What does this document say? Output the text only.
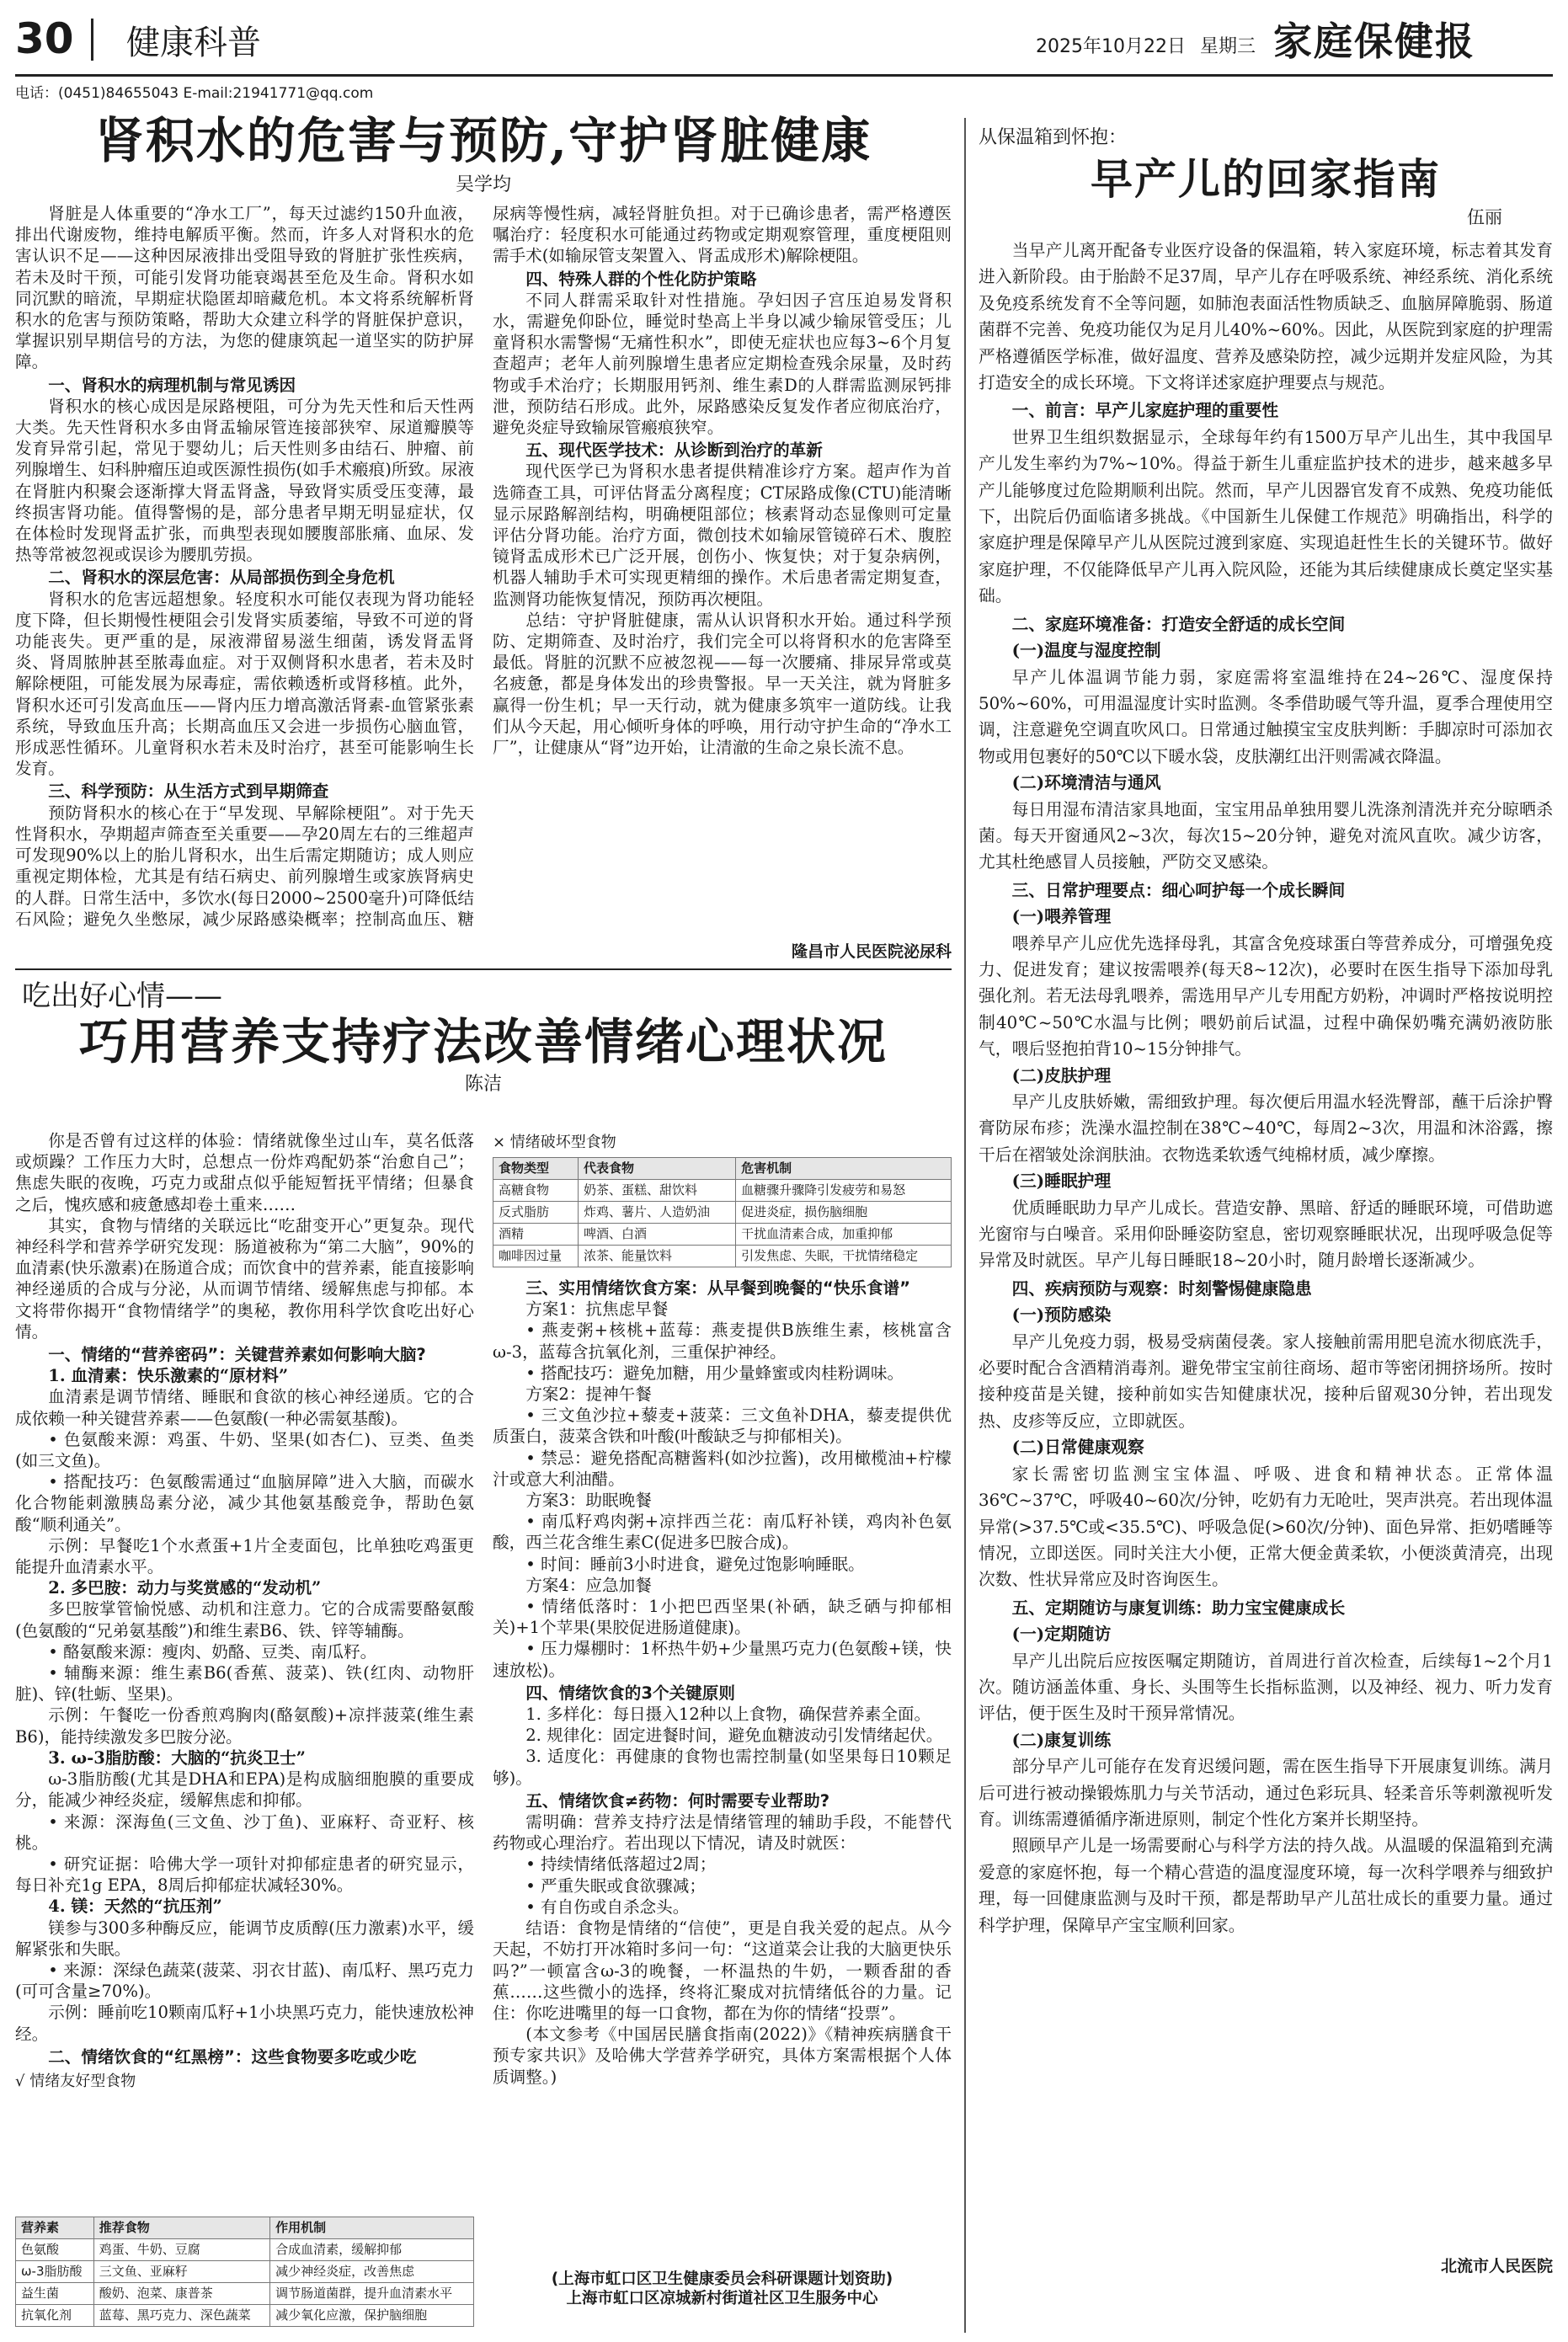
30 健康科普	2025年10月22日 星期三 家庭保健报
电话：(0451)84655043 E-mail:21941771@qq.com
肾积水的危害与预防,守护肾脏健康
吴学均

肾脏是人体重要的“净水工厂”，每天过滤约150升血液，排出代谢废物，维持电解质平衡。然而，许多人对肾积水的危害认识不足——这种因尿液排出受阻导致的肾脏扩张性疾病，若未及时干预，可能引发肾功能衰竭甚至危及生命。肾积水如同沉默的暗流，早期症状隐匿却暗藏危机。本文将系统解析肾积水的危害与预防策略，帮助大众建立科学的肾脏保护意识，掌握识别早期信号的方法，为您的健康筑起一道坚实的防护屏障。

一、肾积水的病理机制与常见诱因

肾积水的核心成因是尿路梗阻，可分为先天性和后天性两大类。先天性肾积水多由肾盂输尿管连接部狭窄、尿道瓣膜等发育异常引起，常见于婴幼儿；后天性则多由结石、肿瘤、前列腺增生、妇科肿瘤压迫或医源性损伤(如手术瘢痕)所致。尿液在肾脏内积聚会逐渐撑大肾盂肾盏，导致肾实质受压变薄，最终损害肾功能。值得警惕的是，部分患者早期无明显症状，仅在体检时发现肾盂扩张，而典型表现如腰腹部胀痛、血尿、发热等常被忽视或误诊为腰肌劳损。

二、肾积水的深层危害：从局部损伤到全身危机

肾积水的危害远超想象。轻度积水可能仅表现为肾功能轻度下降，但长期慢性梗阻会引发肾实质萎缩，导致不可逆的肾功能丧失。更严重的是，尿液滞留易滋生细菌，诱发肾盂肾炎、肾周脓肿甚至脓毒血症。对于双侧肾积水患者，若未及时解除梗阻，可能发展为尿毒症，需依赖透析或肾移植。此外，肾积水还可引发高血压——肾内压力增高激活肾素-血管紧张素系统，导致血压升高；长期高血压又会进一步损伤心脑血管，形成恶性循环。儿童肾积水若未及时治疗，甚至可能影响生长发育。

三、科学预防：从生活方式到早期筛查

预防肾积水的核心在于“早发现、早解除梗阻”。对于先天性肾积水，孕期超声筛查至关重要——孕20周左右的三维超声可发现90%以上的胎儿肾积水，出生后需定期随访；成人则应重视定期体检，尤其是有结石病史、前列腺增生或家族肾病史的人群。日常生活中，多饮水(每日2000~2500毫升)可降低结石风险；避免久坐憋尿，减少尿路感染概率；控制高血压、糖尿病等慢性病，减轻肾脏负担。对于已确诊患者，需严格遵医嘱治疗：轻度积水可能通过药物或定期观察管理，重度梗阻则需手术(如输尿管支架置入、肾盂成形术)解除梗阻。

四、特殊人群的个性化防护策略

不同人群需采取针对性措施。孕妇因子宫压迫易发肾积水，需避免仰卧位，睡觉时垫高上半身以减少输尿管受压；儿童肾积水需警惕“无痛性积水”，即使无症状也应每3~6个月复查超声；老年人前列腺增生患者应定期检查残余尿量，及时药物或手术治疗；长期服用钙剂、维生素D的人群需监测尿钙排泄，预防结石形成。此外，尿路感染反复发作者应彻底治疗，避免炎症导致输尿管瘢痕狭窄。

五、现代医学技术：从诊断到治疗的革新

现代医学已为肾积水患者提供精准诊疗方案。超声作为首选筛查工具，可评估肾盂分离程度；CT尿路成像(CTU)能清晰显示尿路解剖结构，明确梗阻部位；核素肾动态显像则可定量评估分肾功能。治疗方面，微创技术如输尿管镜碎石术、腹腔镜肾盂成形术已广泛开展，创伤小、恢复快；对于复杂病例，机器人辅助手术可实现更精细的操作。术后患者需定期复查，监测肾功能恢复情况，预防再次梗阻。

总结：守护肾脏健康，需从认识肾积水开始。通过科学预防、定期筛查、及时治疗，我们完全可以将肾积水的危害降至最低。肾脏的沉默不应被忽视——每一次腰痛、排尿异常或莫名疲惫，都是身体发出的珍贵警报。早一天关注，就为肾脏多赢得一份生机；早一天行动，就为健康多筑牢一道防线。让我们从今天起，用心倾听身体的呼唤，用行动守护生命的“净水工厂”，让健康从“肾”边开始，让清澈的生命之泉长流不息。

隆昌市人民医院泌尿科
吃出好心情——
巧用营养支持疗法改善情绪心理状况
陈洁

你是否曾有过这样的体验：情绪就像坐过山车，莫名低落或烦躁？工作压力大时，总想点一份炸鸡配奶茶“治愈自己”；焦虑失眠的夜晚，巧克力或甜点似乎能短暂抚平情绪；但暴食之后，愧疚感和疲惫感却卷土重来……

其实，食物与情绪的关联远比“吃甜变开心”更复杂。现代神经科学和营养学研究发现：肠道被称为“第二大脑”，90%的血清素(快乐激素)在肠道合成；而饮食中的营养素，能直接影响神经递质的合成与分泌，从而调节情绪、缓解焦虑与抑郁。本文将带你揭开“食物情绪学”的奥秘，教你用科学饮食吃出好心情。

一、情绪的“营养密码”：关键营养素如何影响大脑?
1. 血清素：快乐激素的“原材料”

血清素是调节情绪、睡眠和食欲的核心神经递质。它的合成依赖一种关键营养素——色氨酸(一种必需氨基酸)。

• 色氨酸来源：鸡蛋、牛奶、坚果(如杏仁)、豆类、鱼类(如三文鱼)。

• 搭配技巧：色氨酸需通过“血脑屏障”进入大脑，而碳水化合物能刺激胰岛素分泌，减少其他氨基酸竞争，帮助色氨酸“顺利通关”。

示例：早餐吃1个水煮蛋+1片全麦面包，比单独吃鸡蛋更能提升血清素水平。

2. 多巴胺：动力与奖赏感的“发动机”

多巴胺掌管愉悦感、动机和注意力。它的合成需要酪氨酸(色氨酸的“兄弟氨基酸”)和维生素B6、铁、锌等辅酶。

• 酪氨酸来源：瘦肉、奶酪、豆类、南瓜籽。

• 辅酶来源：维生素B6(香蕉、菠菜)、铁(红肉、动物肝脏)、锌(牡蛎、坚果)。

示例：午餐吃一份香煎鸡胸肉(酪氨酸)+凉拌菠菜(维生素B6)，能持续激发多巴胺分泌。

3. ω-3脂肪酸：大脑的“抗炎卫士”

ω-3脂肪酸(尤其是DHA和EPA)是构成脑细胞膜的重要成分，能减少神经炎症，缓解焦虑和抑郁。

• 来源：深海鱼(三文鱼、沙丁鱼)、亚麻籽、奇亚籽、核桃。

• 研究证据：哈佛大学一项针对抑郁症患者的研究显示，每日补充1g EPA，8周后抑郁症状减轻30%。

4. 镁：天然的“抗压剂”

镁参与300多种酶反应，能调节皮质醇(压力激素)水平，缓解紧张和失眠。

• 来源：深绿色蔬菜(菠菜、羽衣甘蓝)、南瓜籽、黑巧克力(可可含量≥70%)。

示例：睡前吃10颗南瓜籽+1小块黑巧克力，能快速放松神经。

二、情绪饮食的“红黑榜”：这些食物要多吃或少吃
√ 情绪友好型食物
营养素	推荐食物	作用机制
色氨酸	鸡蛋、牛奶、豆腐	合成血清素，缓解抑郁
ω-3脂肪酸	三文鱼、亚麻籽	减少神经炎症，改善焦虑
益生菌	酸奶、泡菜、康普茶	调节肠道菌群，提升血清素水平
抗氧化剂	蓝莓、黑巧克力、深色蔬菜	减少氧化应激，保护脑细胞
× 情绪破坏型食物
食物类型	代表食物	危害机制
高糖食物	奶茶、蛋糕、甜饮料	血糖骤升骤降引发疲劳和易怒
反式脂肪	炸鸡、薯片、人造奶油	促进炎症，损伤脑细胞
酒精	啤酒、白酒	干扰血清素合成，加重抑郁
咖啡因过量	浓茶、能量饮料	引发焦虑、失眠，干扰情绪稳定
三、实用情绪饮食方案：从早餐到晚餐的“快乐食谱”

方案1：抗焦虑早餐

• 燕麦粥+核桃+蓝莓：燕麦提供B族维生素，核桃富含ω-3，蓝莓含抗氧化剂，三重保护神经。

• 搭配技巧：避免加糖，用少量蜂蜜或肉桂粉调味。

方案2：提神午餐

• 三文鱼沙拉+藜麦+菠菜：三文鱼补DHA，藜麦提供优质蛋白，菠菜含铁和叶酸(叶酸缺乏与抑郁相关)。

• 禁忌：避免搭配高糖酱料(如沙拉酱)，改用橄榄油+柠檬汁或意大利油醋。

方案3：助眠晚餐

• 南瓜籽鸡肉粥+凉拌西兰花：南瓜籽补镁，鸡肉补色氨酸，西兰花含维生素C(促进多巴胺合成)。

• 时间：睡前3小时进食，避免过饱影响睡眠。

方案4：应急加餐

• 情绪低落时：1小把巴西坚果(补硒，缺乏硒与抑郁相关)+1个苹果(果胶促进肠道健康)。

• 压力爆棚时：1杯热牛奶+少量黑巧克力(色氨酸+镁，快速放松)。

四、情绪饮食的3个关键原则

1. 多样化：每日摄入12种以上食物，确保营养素全面。

2. 规律化：固定进餐时间，避免血糖波动引发情绪起伏。

3. 适度化：再健康的食物也需控制量(如坚果每日10颗足够)。

五、情绪饮食≠药物：何时需要专业帮助?

需明确：营养支持疗法是情绪管理的辅助手段，不能替代药物或心理治疗。若出现以下情况，请及时就医：

• 持续情绪低落超过2周；

• 严重失眠或食欲骤减；

• 有自伤或自杀念头。

结语：食物是情绪的“信使”，更是自我关爱的起点。从今天起，不妨打开冰箱时多问一句：“这道菜会让我的大脑更快乐吗?”一顿富含ω-3的晚餐，一杯温热的牛奶，一颗香甜的香蕉……这些微小的选择，终将汇聚成对抗情绪低谷的力量。记住：你吃进嘴里的每一口食物，都在为你的情绪“投票”。

(本文参考《中国居民膳食指南(2022)》《精神疾病膳食干预专家共识》及哈佛大学营养学研究，具体方案需根据个人体质调整。)

(上海市虹口区卫生健康委员会科研课题计划资助)
上海市虹口区凉城新村街道社区卫生服务中心
从保温箱到怀抱：
早产儿的回家指南
伍丽

当早产儿离开配备专业医疗设备的保温箱，转入家庭环境，标志着其发育进入新阶段。由于胎龄不足37周，早产儿存在呼吸系统、神经系统、消化系统及免疫系统发育不全等问题，如肺泡表面活性物质缺乏、血脑屏障脆弱、肠道菌群不完善、免疫功能仅为足月儿40%~60%。因此，从医院到家庭的护理需严格遵循医学标准，做好温度、营养及感染防控，减少远期并发症风险，为其打造安全的成长环境。下文将详述家庭护理要点与规范。

一、前言：早产儿家庭护理的重要性

世界卫生组织数据显示，全球每年约有1500万早产儿出生，其中我国早产儿发生率约为7%~10%。得益于新生儿重症监护技术的进步，越来越多早产儿能够度过危险期顺利出院。然而，早产儿因器官发育不成熟、免疫功能低下，出院后仍面临诸多挑战。《中国新生儿保健工作规范》明确指出，科学的家庭护理是保障早产儿从医院过渡到家庭、实现追赶性生长的关键环节。做好家庭护理，不仅能降低早产儿再入院风险，还能为其后续健康成长奠定坚实基础。

二、家庭环境准备：打造安全舒适的成长空间
(一)温度与湿度控制

早产儿体温调节能力弱，家庭需将室温维持在24~26℃、湿度保持50%~60%，可用温湿度计实时监测。冬季借助暖气等升温，夏季合理使用空调，注意避免空调直吹风口。日常通过触摸宝宝皮肤判断：手脚凉时可添加衣物或用包裹好的50℃以下暖水袋，皮肤潮红出汗则需减衣降温。

(二)环境清洁与通风

每日用湿布清洁家具地面，宝宝用品单独用婴儿洗涤剂清洗并充分晾晒杀菌。每天开窗通风2~3次，每次15~20分钟，避免对流风直吹。减少访客，尤其杜绝感冒人员接触，严防交叉感染。

三、日常护理要点：细心呵护每一个成长瞬间
(一)喂养管理

喂养早产儿应优先选择母乳，其富含免疫球蛋白等营养成分，可增强免疫力、促进发育；建议按需喂养(每天8~12次)，必要时在医生指导下添加母乳强化剂。若无法母乳喂养，需选用早产儿专用配方奶粉，冲调时严格按说明控制40℃~50℃水温与比例；喂奶前后试温，过程中确保奶嘴充满奶液防胀气，喂后竖抱拍背10~15分钟排气。

(二)皮肤护理

早产儿皮肤娇嫩，需细致护理。每次便后用温水轻洗臀部，蘸干后涂护臀膏防尿布疹；洗澡水温控制在38℃~40℃，每周2~3次，用温和沐浴露，擦干后在褶皱处涂润肤油。衣物选柔软透气纯棉材质，减少摩擦。

(三)睡眠护理

优质睡眠助力早产儿成长。营造安静、黑暗、舒适的睡眠环境，可借助遮光窗帘与白噪音。采用仰卧睡姿防窒息，密切观察睡眠状况，出现呼吸急促等异常及时就医。早产儿每日睡眠18~20小时，随月龄增长逐渐减少。

四、疾病预防与观察：时刻警惕健康隐患
(一)预防感染

早产儿免疫力弱，极易受病菌侵袭。家人接触前需用肥皂流水彻底洗手，必要时配合含酒精消毒剂。避免带宝宝前往商场、超市等密闭拥挤场所。按时接种疫苗是关键，接种前如实告知健康状况，接种后留观30分钟，若出现发热、皮疹等反应，立即就医。

(二)日常健康观察

家长需密切监测宝宝体温、呼吸、进食和精神状态。正常体温36℃~37℃，呼吸40~60次/分钟，吃奶有力无呛吐，哭声洪亮。若出现体温异常(>37.5℃或<35.5℃)、呼吸急促(>60次/分钟)、面色异常、拒奶嗜睡等情况，立即送医。同时关注大小便，正常大便金黄柔软，小便淡黄清亮，出现次数、性状异常应及时咨询医生。

五、定期随访与康复训练：助力宝宝健康成长
(一)定期随访

早产儿出院后应按医嘱定期随访，首周进行首次检查，后续每1~2个月1次。随访涵盖体重、身长、头围等生长指标监测，以及神经、视力、听力发育评估，便于医生及时干预异常情况。

(二)康复训练

部分早产儿可能存在发育迟缓问题，需在医生指导下开展康复训练。满月后可进行被动操锻炼肌力与关节活动，通过色彩玩具、轻柔音乐等刺激视听发育。训练需遵循循序渐进原则，制定个性化方案并长期坚持。

照顾早产儿是一场需要耐心与科学方法的持久战。从温暖的保温箱到充满爱意的家庭怀抱，每一个精心营造的温度湿度环境，每一次科学喂养与细致护理，每一回健康监测与及时干预，都是帮助早产儿茁壮成长的重要力量。通过科学护理，保障早产宝宝顺利回家。

北流市人民医院
